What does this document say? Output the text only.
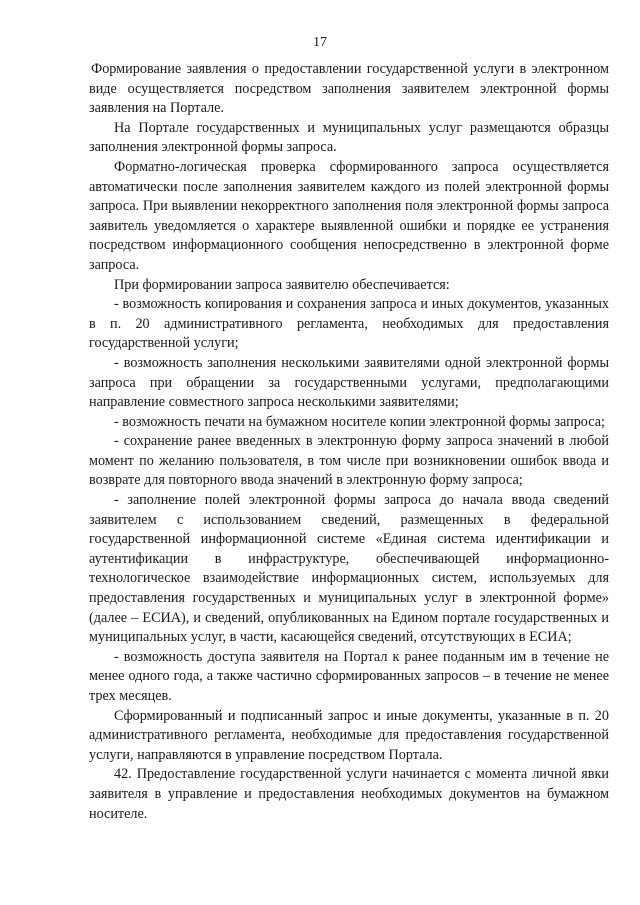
17

Формирование заявления о предоставлении государственной услуги в электронном виде осуществляется посредством заполнения заявителем электронной формы заявления на Портале.

На Портале государственных и муниципальных услуг размещаются образцы заполнения электронной формы запроса.

Форматно-логическая проверка сформированного запроса осуществляется автоматически после заполнения заявителем каждого из полей электронной формы запроса. При выявлении некорректного заполнения поля электронной формы запроса заявитель уведомляется о характере выявленной ошибки и порядке ее устранения посредством информационного сообщения непосредственно в электронной форме запроса.

При формировании запроса заявителю обеспечивается:

- возможность копирования и сохранения запроса и иных документов, указанных в п. 20 административного регламента, необходимых для предоставления государственной услуги;

- возможность заполнения несколькими заявителями одной электронной формы запроса при обращении за государственными услугами, предполагающими направление совместного запроса несколькими заявителями;

- возможность печати на бумажном носителе копии электронной формы запроса;

- сохранение ранее введенных в электронную форму запроса значений в любой момент по желанию пользователя, в том числе при возникновении ошибок ввода и возврате для повторного ввода значений в электронную форму запроса;

- заполнение полей электронной формы запроса до начала ввода сведений заявителем с использованием сведений, размещенных в федеральной государственной информационной системе «Единая система идентификации и аутентификации в инфраструктуре, обеспечивающей информационно-технологическое взаимодействие информационных систем, используемых для предоставления государственных и муниципальных услуг в электронной форме» (далее – ЕСИА), и сведений, опубликованных на Едином портале государственных и муниципальных услуг, в части, касающейся сведений, отсутствующих в ЕСИА;

- возможность доступа заявителя на Портал к ранее поданным им в течение не менее одного года, а также частично сформированных запросов – в течение не менее трех месяцев.

Сформированный и подписанный запрос и иные документы, указанные в п. 20 административного регламента, необходимые для предоставления государственной услуги, направляются в управление посредством Портала.

42. Предоставление государственной услуги начинается с момента личной явки заявителя в управление и предоставления необходимых документов на бумажном носителе.
